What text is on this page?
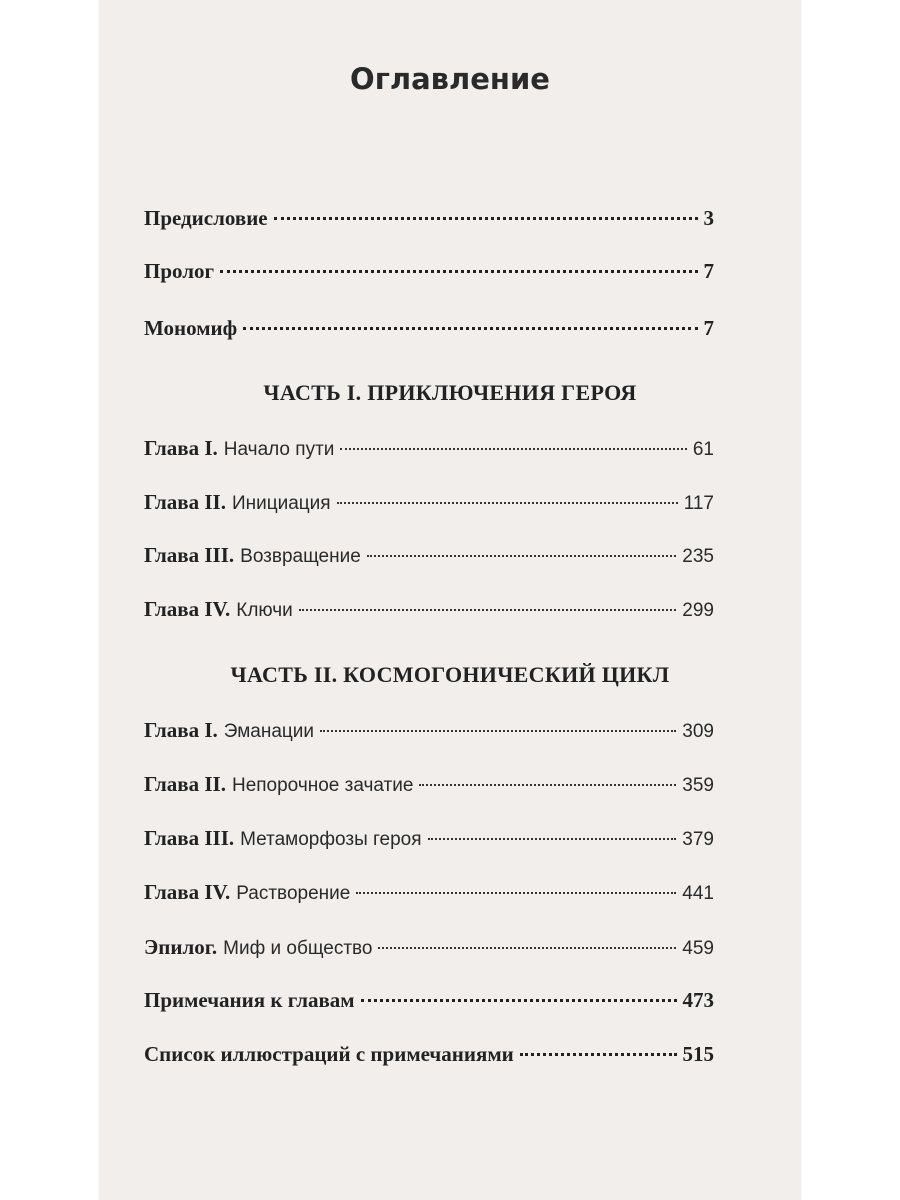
Оглавление
Предисловие	3
Пролог	7
Мономиф	7
ЧАСТЬ I. ПРИКЛЮЧЕНИЯ ГЕРОЯ
Глава I. Начало пути	61
Глава II. Инициация	117
Глава III. Возвращение	235
Глава IV. Ключи	299
ЧАСТЬ II. КОСМОГОНИЧЕСКИЙ ЦИКЛ
Глава I. Эманации	309
Глава II. Непорочное зачатие	359
Глава III. Метаморфозы героя	379
Глава IV. Растворение	441
Эпилог. Миф и общество	459
Примечания к главам	473
Список иллюстраций с примечаниями	515
